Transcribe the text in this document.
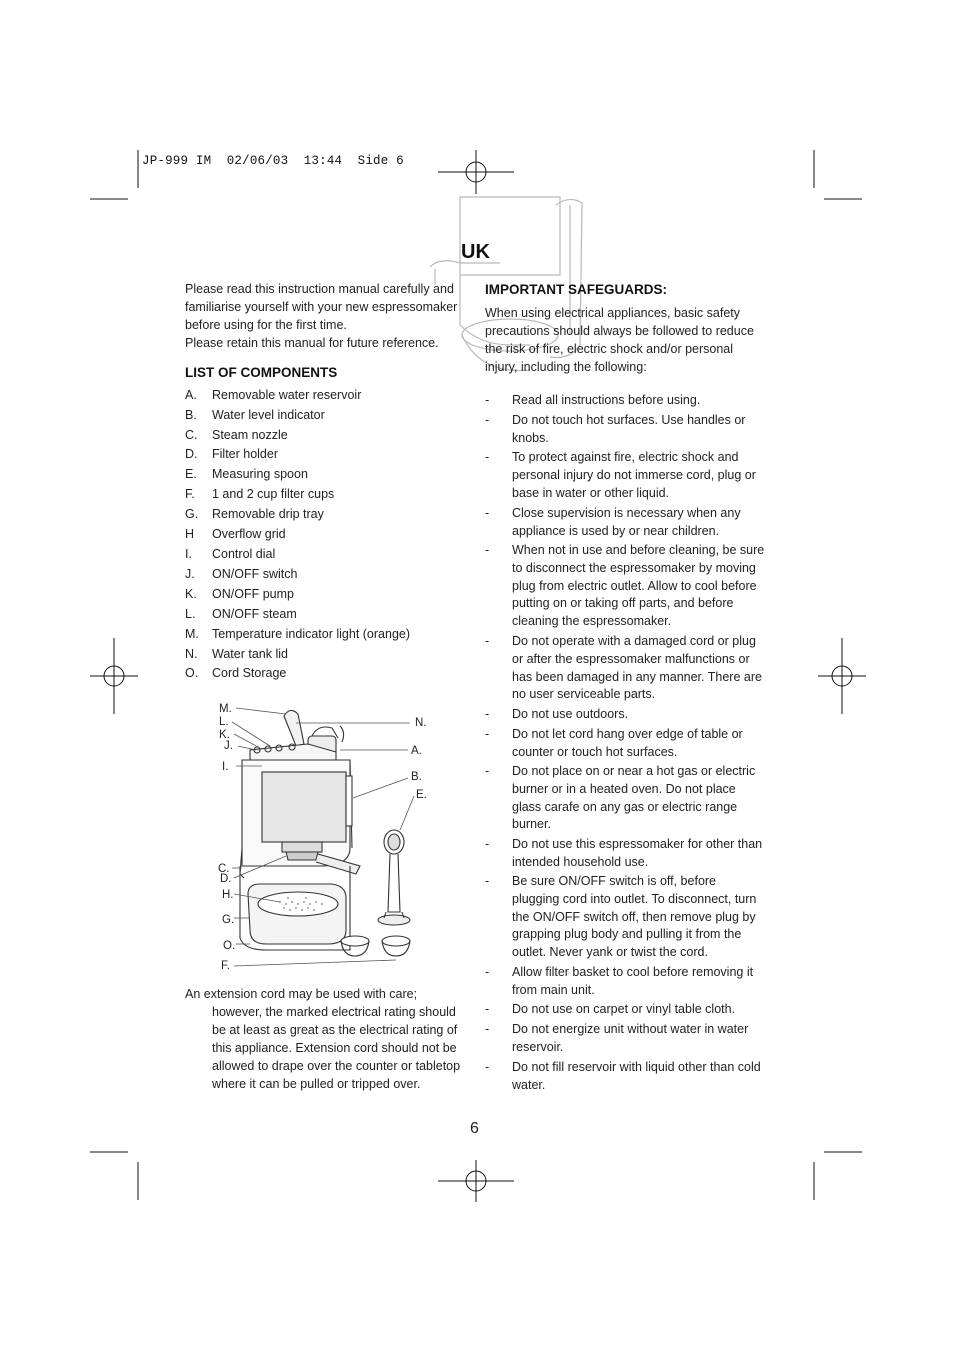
JP-999 IM  02/06/03  13:44  Side 6
UK
Please read this instruction manual carefully and
familiarise yourself with your new espressomaker
before using for the first time.
Please retain this manual for future reference.
LIST OF COMPONENTS
A. Removable water reservoir
B. Water level indicator
C. Steam nozzle
D. Filter holder
E. Measuring spoon
F. 1 and 2 cup filter cups
G. Removable drip tray
H Overflow grid
I. Control dial
J. ON/OFF switch
K. ON/OFF pump
L. ON/OFF steam
M. Temperature indicator light (orange)
N. Water tank lid
O. Cord Storage
M.
L.
K.
J.
I.
N.
A.
B.
E.
C.
D.
H.
G.
O.
F.
An extension cord may be used with care;
however, the marked electrical rating should
be at least as great as the electrical rating of
this appliance. Extension cord should not be
allowed to drape over the counter or tabletop
where it can be pulled or tripped over.
IMPORTANT SAFEGUARDS:
When using electrical appliances, basic safety
precautions should always be followed to reduce
the risk of fire, electric shock and/or personal
injury, including the following:
- Read all instructions before using.
- Do not touch hot surfaces. Use handles or
knobs.
- To protect against fire, electric shock and
personal injury do not immerse cord, plug or
base in water or other liquid.
- Close supervision is necessary when any
appliance is used by or near children.
- When not in use and before cleaning, be sure
to disconnect the espressomaker by moving
plug from electric outlet. Allow to cool before
putting on or taking off parts, and before
cleaning the espressomaker.
- Do not operate with a damaged cord or plug
or after the espressomaker malfunctions or
has been damaged in any manner. There are
no user serviceable parts.
- Do not use outdoors.
- Do not let cord hang over edge of table or
counter or touch hot surfaces.
- Do not place on or near a hot gas or electric
burner or in a heated oven. Do not place
glass carafe on any gas or electric range
burner.
- Do not use this espressomaker for other than
intended household use.
- Be sure ON/OFF switch is off, before
plugging cord into outlet. To disconnect, turn
the ON/OFF switch off, then remove plug by
grapping plug body and pulling it from the
outlet. Never yank or twist the cord.
- Allow filter basket to cool before removing it
from main unit.
- Do not use on carpet or vinyl table cloth.
- Do not energize unit without water in water
reservoir.
- Do not fill reservoir with liquid other than cold
water.
6
